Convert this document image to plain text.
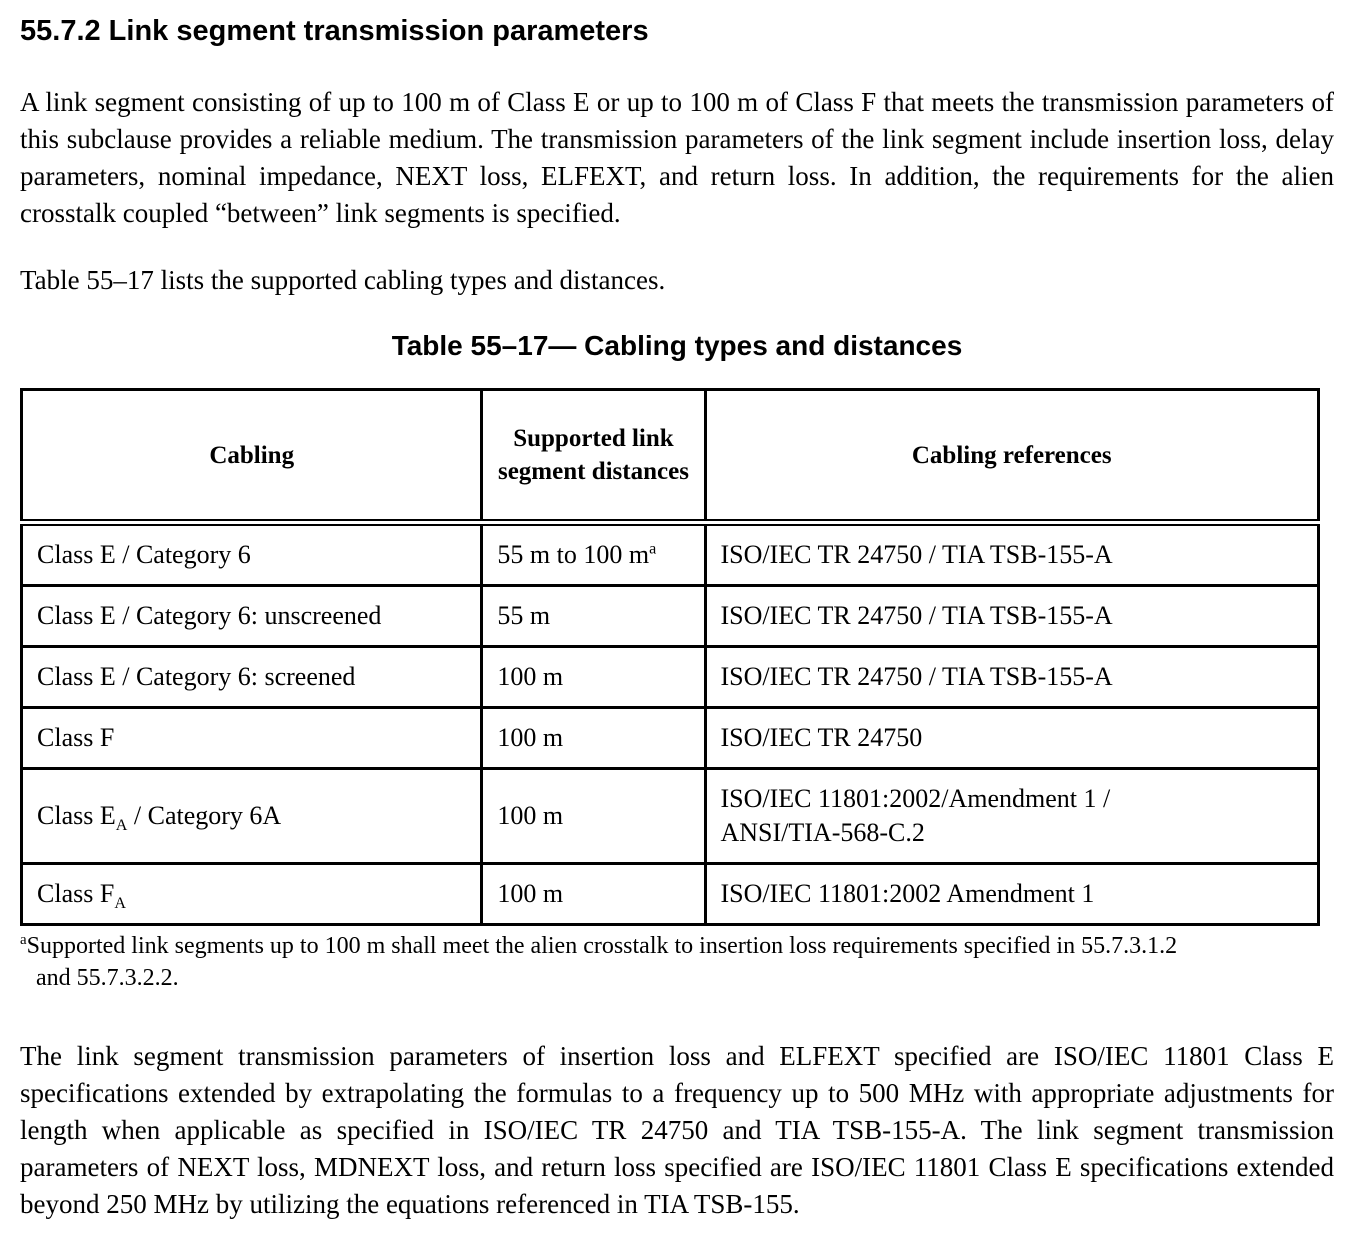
55.7.2 Link segment transmission parameters

A link segment consisting of up to 100 m of Class E or up to 100 m of Class F that meets the transmission parameters of this subclause provides a reliable medium. The transmission parameters of the link segment include insertion loss, delay parameters, nominal impedance, NEXT loss, ELFEXT, and return loss. In addition, the requirements for the alien crosstalk coupled “between” link segments is specified.

Table 55–17 lists the supported cabling types and distances.

Table 55–17— Cabling types and distances
Cabling	Supported link segment distances	Cabling references
Class E / Category 6	55 m to 100 $m^a$	ISO/IEC TR 24750 / TIA TSB-155-A
Class E / Category 6: unscreened	55 m	ISO/IEC TR 24750 / TIA TSB-155-A
Class E / Category 6: screened	100 m	ISO/IEC TR 24750 / TIA TSB-155-A
Class F	100 m	ISO/IEC TR 24750
Class $E_A$ / Category 6A	100 m	ISO/IEC 11801:2002/Amendment 1 /
ANSI/TIA-568-C.2
Class $F_A$	100 m	ISO/IEC 11801:2002 Amendment 1
$^a$Supported link segments up to 100 m shall meet the alien crosstalk to insertion loss requirements specified in 55.7.3.1.2
and 55.7.3.2.2.

The link segment transmission parameters of insertion loss and ELFEXT specified are ISO/IEC 11801 Class E specifications extended by extrapolating the formulas to a frequency up to 500 MHz with appropriate adjustments for length when applicable as specified in ISO/IEC TR 24750 and TIA TSB-155-A. The link segment transmission parameters of NEXT loss, MDNEXT loss, and return loss specified are ISO/IEC 11801 Class E specifications extended beyond 250 MHz by utilizing the equations referenced in TIA TSB-155.
